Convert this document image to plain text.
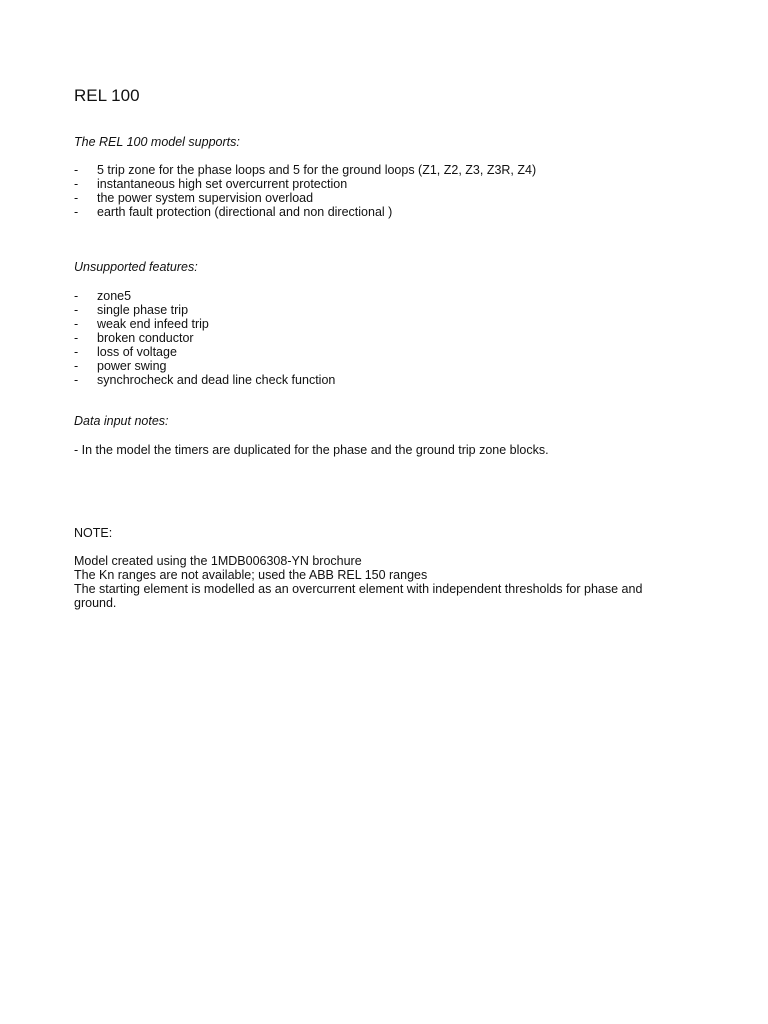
REL 100

The REL 100 model supports:

- 5 trip zone for the phase loops and 5 for the ground loops (Z1, Z2, Z3, Z3R, Z4)
- instantaneous high set overcurrent protection
- the power system supervision overload
- earth fault protection (directional and non directional )

Unsupported features:

- zone5
- single phase trip
- weak end infeed trip
- broken conductor
- loss of voltage
- power swing
- synchrocheck and dead line check function

Data input notes:

- In the model the timers are duplicated for the phase and the ground trip zone blocks.

NOTE:

Model created using the 1MDB006308-YN brochure
The Kn ranges are not available; used the ABB REL 150 ranges
The starting element is modelled as an overcurrent element with independent thresholds for phase and ground.
